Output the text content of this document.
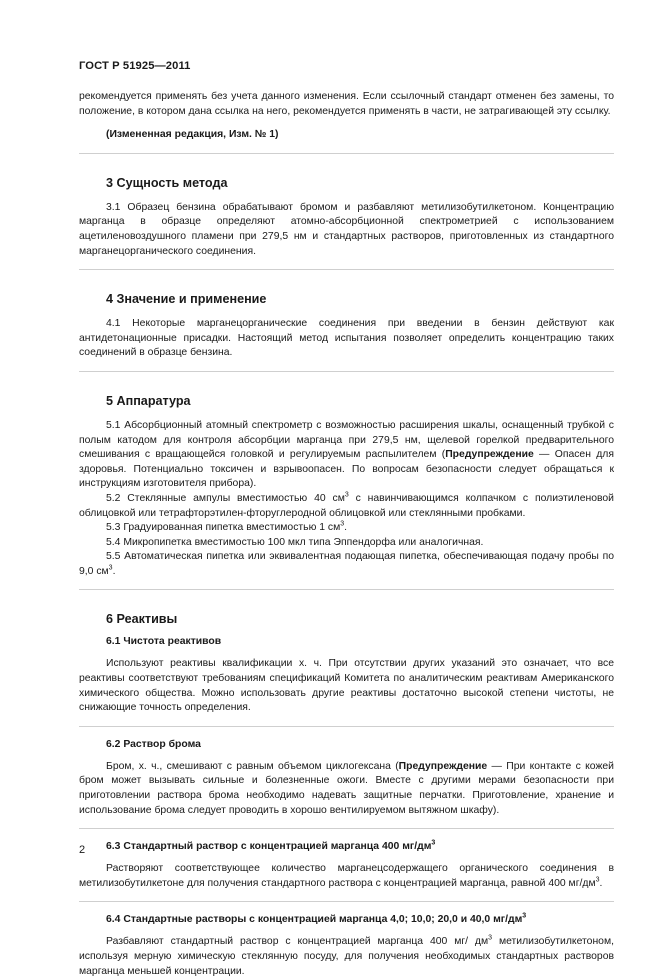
ГОСТ Р 51925—2011

рекомендуется применять без учета данного изменения. Если ссылочный стандарт отменен без замены, то положение, в котором дана ссылка на него, рекомендуется применять в части, не затрагивающей эту ссылку.

(Измененная редакция, Изм. № 1)
3 Сущность метода

3.1 Образец бензина обрабатывают бромом и разбавляют метилизобутилкетоном. Концентрацию марганца в образце определяют атомно-абсорбционной спектрометрией с использованием ацетиленовоздушного пламени при 279,5 нм и стандартных растворов, приготовленных из стандартного марганецорганического соединения.

4 Значение и применение

4.1 Некоторые марганецорганические соединения при введении в бензин действуют как антидетонационные присадки. Настоящий метод испытания позволяет определить концентрацию таких соединений в образце бензина.

5 Аппаратура

5.1 Абсорбционный атомный спектрометр с возможностью расширения шкалы, оснащенный трубкой с полым катодом для контроля абсорбции марганца при 279,5 нм, щелевой горелкой предварительного смешивания с вращающейся головкой и регулируемым распылителем (Предупреждение — Опасен для здоровья. Потенциально токсичен и взрывоопасен. По вопросам безопасности следует обращаться к инструкциям изготовителя прибора).

5.2 Стеклянные ампулы вместимостью 40 $см^3$ с навинчивающимся колпачком с полиэтиленовой облицовкой или тетрафторэтилен-фторуглеродной облицовкой или стеклянными пробками.

5.3 Градуированная пипетка вместимостью 1 $см^3$.

5.4 Микропипетка вместимостью 100 мкл типа Эппендорфа или аналогичная.

5.5 Автоматическая пипетка или эквивалентная подающая пипетка, обеспечивающая подачу пробы по 9,0 $см^3$.

6 Реактивы
6.1 Чистота реактивов

Используют реактивы квалификации х. ч. При отсутствии других указаний это означает, что все реактивы соответствуют требованиям спецификаций Комитета по аналитическим реактивам Американского химического общества. Можно использовать другие реактивы достаточно высокой степени чистоты, не снижающие точность определения.

6.2 Раствор брома

Бром, х. ч., смешивают с равным объемом циклогексана (Предупреждение — При контакте с кожей бром может вызывать сильные и болезненные ожоги. Вместе с другими мерами безопасности при приготовлении раствора брома необходимо надевать защитные перчатки. Приготовление, хранение и использование брома следует проводить в хорошо вентилируемом вытяжном шкафу).

6.3 Стандартный раствор с концентрацией марганца 400 $мг/дм^3$

Растворяют соответствующее количество марганецсодержащего органического соединения в метилизобутилкетоне для получения стандартного раствора с концентрацией марганца, равной 400 $мг/дм^3$.

6.4 Стандартные растворы с концентрацией марганца 4,0; 10,0; 20,0 и 40,0 $мг/дм^3$

Разбавляют стандартный раствор с концентрацией марганца 400 мг/ $дм^3$ метилизобутилкетоном, используя мерную химическую стеклянную посуду, для получения необходимых стандартных растворов марганца меньшей концентрации.

2
